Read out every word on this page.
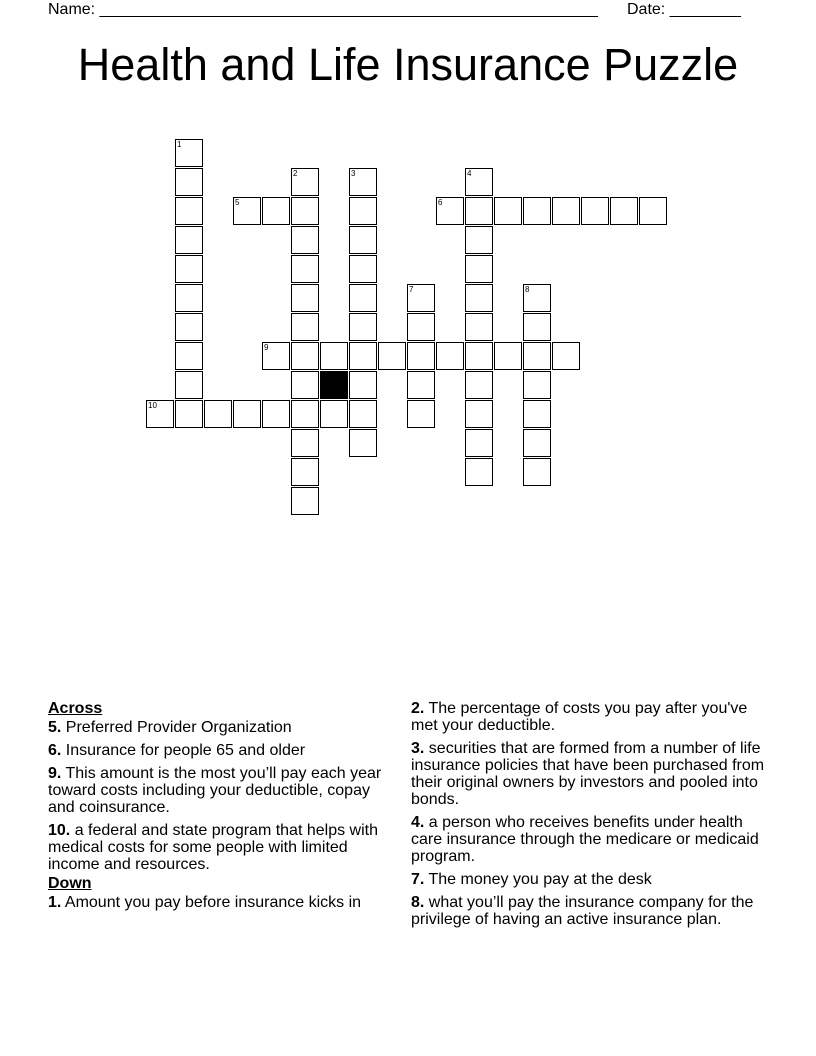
Name: ________________________________________________________ Date: ________
Health and Life Insurance Puzzle
1
2	3	4
5	6
7	8
9
10
Across
5. Preferred Provider Organization
6. Insurance for people 65 and older
9. This amount is the most you’ll pay each year toward costs including your deductible, copay and coinsurance.
10. a federal and state program that helps with medical costs for some people with limited income and resources.
Down
1. Amount you pay before insurance kicks in
2. The percentage of costs you pay after you've met your deductible.
3. securities that are formed from a number of life insurance policies that have been purchased from their original owners by investors and pooled into bonds.
4. a person who receives benefits under health care insurance through the medicare or medicaid program.
7. The money you pay at the desk
8. what you’ll pay the insurance company for the privilege of having an active insurance plan.
